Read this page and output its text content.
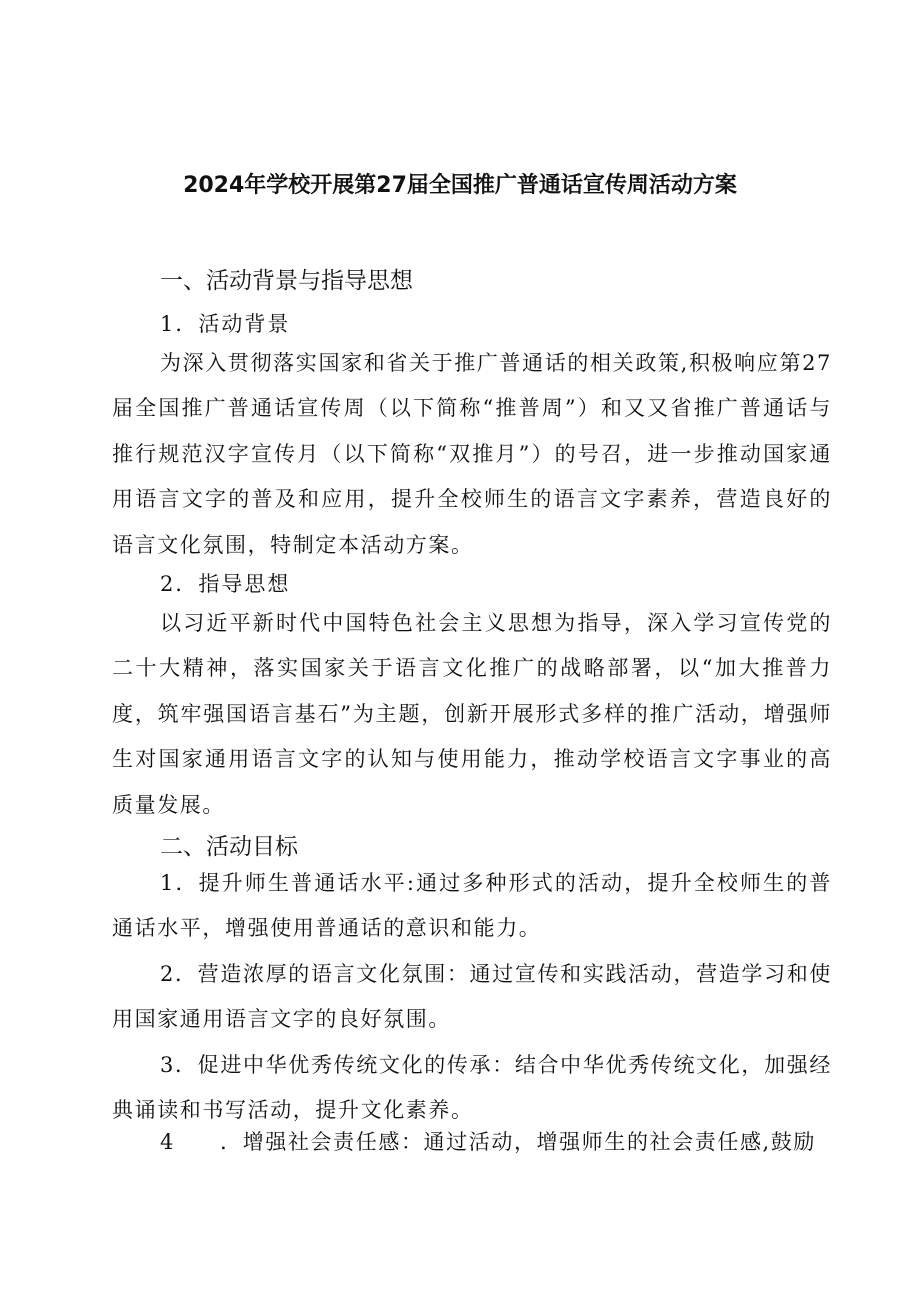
2024年学校开展第27届全国推广普通话宣传周活动方案
一、活动背景与指导思想
1．活动背景
为深入贯彻落实国家和省关于推广普通话的相关政策,积极响应第27届全国推广普通话宣传周（以下简称“推普周”）和又又省推广普通话与推行规范汉字宣传月（以下简称“双推月”）的号召，进一步推动国家通用语言文字的普及和应用，提升全校师生的语言文字素养，营造良好的语言文化氛围，特制定本活动方案。
2．指导思想
以习近平新时代中国特色社会主义思想为指导，深入学习宣传党的二十大精神，落实国家关于语言文化推广的战略部署，以“加大推普力度，筑牢强国语言基石”为主题，创新开展形式多样的推广活动，增强师生对国家通用语言文字的认知与使用能力，推动学校语言文字事业的高质量发展。
二、活动目标
1．提升师生普通话水平:通过多种形式的活动，提升全校师生的普通话水平，增强使用普通话的意识和能力。
2．营造浓厚的语言文化氛围：通过宣传和实践活动，营造学习和使用国家通用语言文字的良好氛围。
3．促进中华优秀传统文化的传承：结合中华优秀传统文化，加强经典诵读和书写活动，提升文化素养。
4　　．增强社会责任感：通过活动，增强师生的社会责任感,鼓励
